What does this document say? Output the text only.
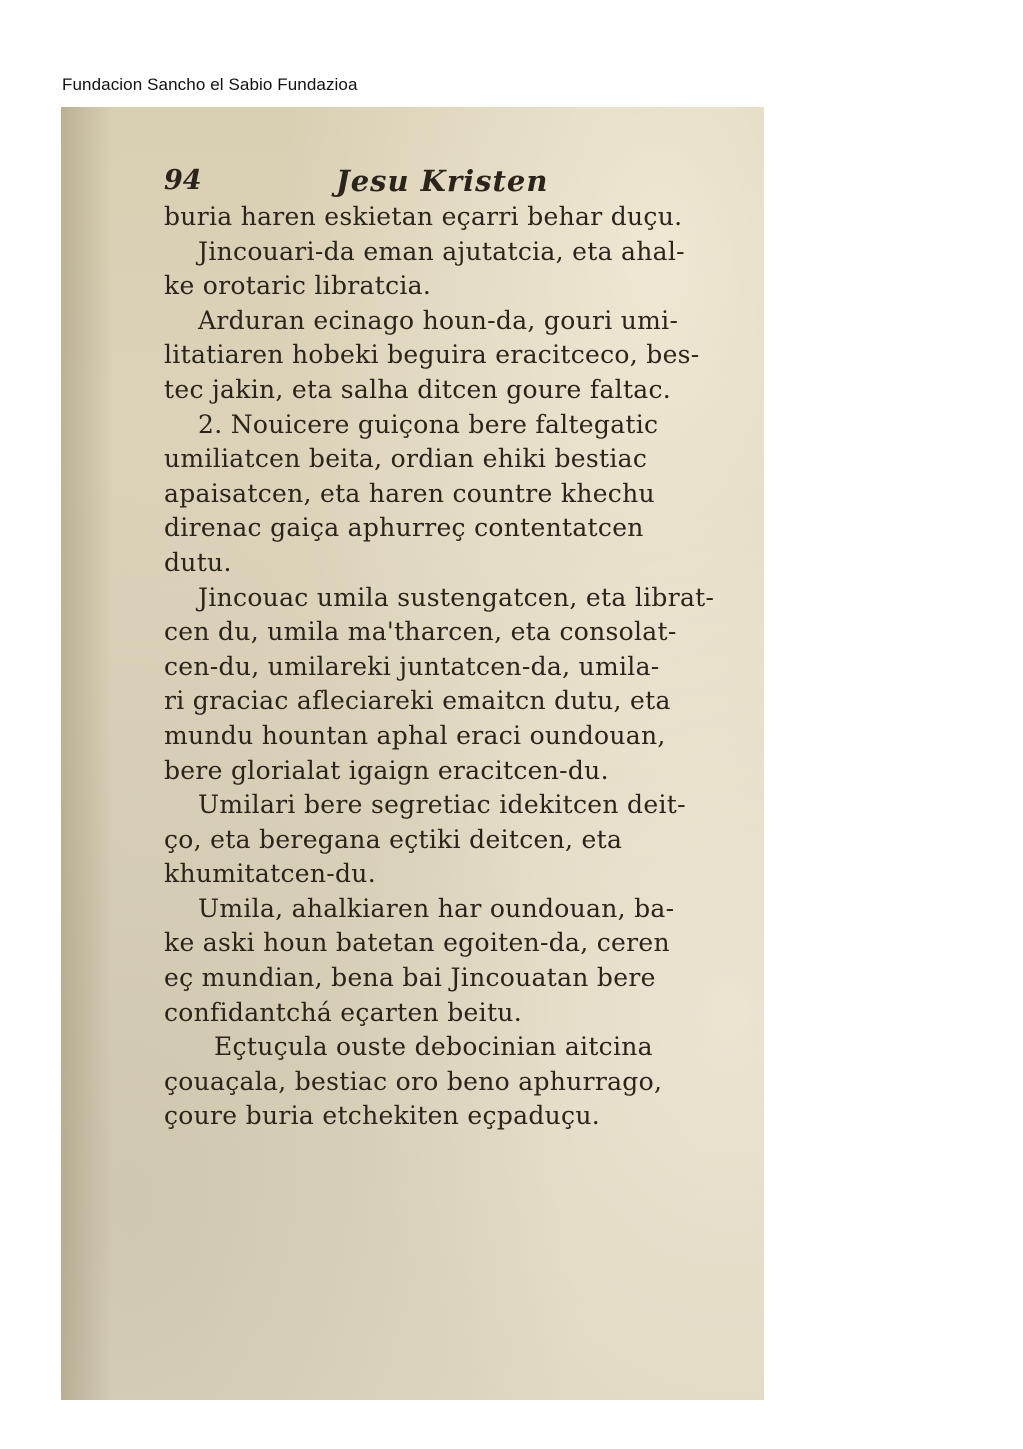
Fundacion Sancho el Sabio Fundazioa
94	Jesu Kristen
buria haren eskietan eçarri behar duçu.
Jincouari-da eman ajutatcia, eta ahal-
ke orotaric libratcia.
Arduran ecinago houn-da, gouri umi-
litatiaren hobeki beguira eracitceco, bes-
tec jakin, eta salha ditcen goure faltac.
2. Nouicere guiçona bere faltegatic
umiliatcen beita, ordian ehiki bestiac
apaisatcen, eta haren countre khechu
direnac gaiça aphurreç contentatcen
dutu.
Jincouac umila sustengatcen, eta librat-
cen du, umila ma'tharcen, eta consolat-
cen-du, umilareki juntatcen-da, umila-
ri graciac afleciareki emaitcn dutu, eta
mundu hountan aphal eraci oundouan,
bere glorialat igaign eracitcen-du.
Umilari bere segretiac idekitcen deit-
ço, eta beregana eçtiki deitcen, eta
khumitatcen-du.
Umila, ahalkiaren har oundouan, ba-
ke aski houn batetan egoiten-da, ceren
eç mundian, bena bai Jincouatan bere
confidantchá eçarten beitu.
Eçtuçula ouste debocinian aitcina
çouaçala, bestiac oro beno aphurrago,
çoure buria etchekiten eçpaduçu.
